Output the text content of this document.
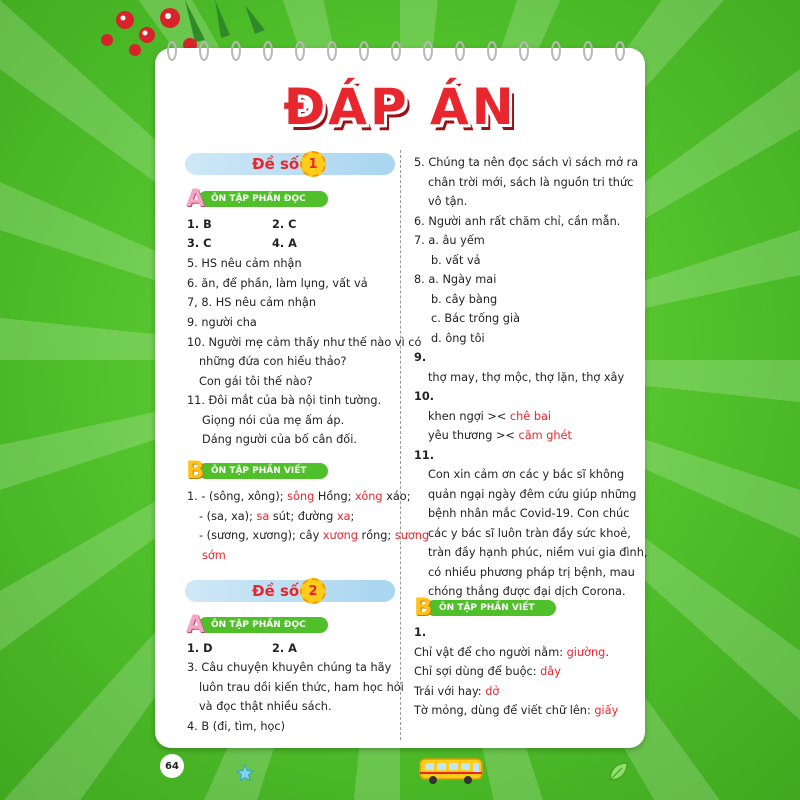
ĐÁP ÁN
Đề số 1
A ÔN TẬP PHẦN ĐỌC
1. B	2. C
3. C	4. A
5. HS nêu cảm nhận
6. ăn, để phần, làm lụng, vất vả
7, 8. HS nêu cảm nhận
9. người cha
10. Người mẹ cảm thấy như thế nào vì có
những đứa con hiếu thảo?
Con gái tôi thế nào?
11. Đôi mắt của bà nội tinh tường.
Giọng nói của mẹ ấm áp.
Dáng người của bố cân đối.
B ÔN TẬP PHẦN VIẾT
1. - (sông, xông); sông Hồng; xông xáo;
- (sa, xa); sa sút; đường xa;
- (sương, xương); cây xương rồng; sương
sớm
Đề số 2
A ÔN TẬP PHẦN ĐỌC
1. D	2. A
3. Câu chuyện khuyên chúng ta hãy
luôn trau dồi kiến thức, ham học hỏi
và đọc thật nhiều sách.
4. B (đi, tìm, học)
5. Chúng ta nên đọc sách vì sách mở ra
chân trời mới, sách là nguồn tri thức
vô tận.
6. Người anh rất chăm chỉ, cần mẫn.
7. a. âu yếm
b. vất vả
8. a. Ngày mai
b. cây bàng
c. Bác trống già
d. ông tôi
9.
thợ may, thợ mộc, thợ lặn, thợ xây
10.
khen ngợi >< chê bai
yêu thương >< căm ghét
11.
Con xin cảm ơn các y bác sĩ không
quản ngại ngày đêm cứu giúp những
bệnh nhân mắc Covid-19. Con chúc
các y bác sĩ luôn tràn đầy sức khoẻ,
tràn đầy hạnh phúc, niềm vui gia đình,
có nhiều phương pháp trị bệnh, mau
chóng thắng được đại dịch Corona.
B ÔN TẬP PHẦN VIẾT
1.
Chỉ vật để cho người nằm: giường.
Chỉ sợi dùng để buộc: dây
Trái với hay: dở
Tờ mỏng, dùng để viết chữ lên: giấy
64
